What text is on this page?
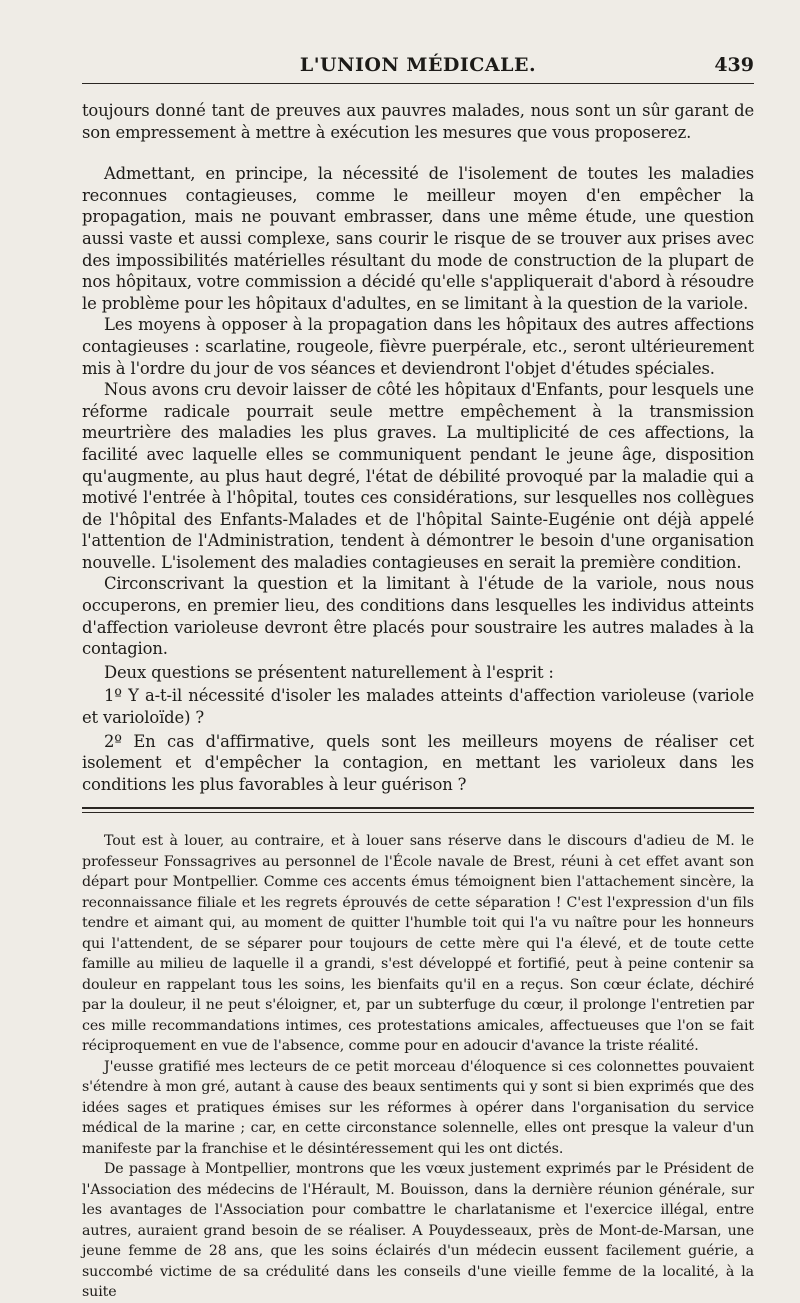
L'UNION MÉDICALE.	439

toujours donné tant de preuves aux pauvres malades, nous sont un sûr garant de son empressement à mettre à exécution les mesures que vous proposerez.

Admettant, en principe, la nécessité de l'isolement de toutes les maladies reconnues contagieuses, comme le meilleur moyen d'en empêcher la propagation, mais ne pouvant embrasser, dans une même étude, une question aussi vaste et aussi complexe, sans courir le risque de se trouver aux prises avec des impossibilités matérielles résultant du mode de construction de la plupart de nos hôpitaux, votre commission a décidé qu'elle s'appliquerait d'abord à résoudre le problème pour les hôpitaux d'adultes, en se limitant à la question de la variole.

Les moyens à opposer à la propagation dans les hôpitaux des autres affections contagieuses : scarlatine, rougeole, fièvre puerpérale, etc., seront ultérieurement mis à l'ordre du jour de vos séances et deviendront l'objet d'études spéciales.

Nous avons cru devoir laisser de côté les hôpitaux d'Enfants, pour lesquels une réforme radicale pourrait seule mettre empêchement à la transmission meurtrière des maladies les plus graves. La multiplicité de ces affections, la facilité avec laquelle elles se communiquent pendant le jeune âge, disposition qu'augmente, au plus haut degré, l'état de débilité provoqué par la maladie qui a motivé l'entrée à l'hôpital, toutes ces considérations, sur lesquelles nos collègues de l'hôpital des Enfants-Malades et de l'hôpital Sainte-Eugénie ont déjà appelé l'attention de l'Administration, tendent à démontrer le besoin d'une organisation nouvelle. L'isolement des maladies contagieuses en serait la première condition.

Circonscrivant la question et la limitant à l'étude de la variole, nous nous occuperons, en premier lieu, des conditions dans lesquelles les individus atteints d'affection varioleuse devront être placés pour soustraire les autres malades à la contagion.

Deux questions se présentent naturellement à l'esprit :

1º Y a-t-il nécessité d'isoler les malades atteints d'affection varioleuse (variole et varioloïde) ?

2º En cas d'affirmative, quels sont les meilleurs moyens de réaliser cet isolement et d'empêcher la contagion, en mettant les varioleux dans les conditions les plus favorables à leur guérison ?

Tout est à louer, au contraire, et à louer sans réserve dans le discours d'adieu de M. le professeur Fonssagrives au personnel de l'École navale de Brest, réuni à cet effet avant son départ pour Montpellier. Comme ces accents émus témoignent bien l'attachement sincère, la reconnaissance filiale et les regrets éprouvés de cette séparation ! C'est l'expression d'un fils tendre et aimant qui, au moment de quitter l'humble toit qui l'a vu naître pour les honneurs qui l'attendent, de se séparer pour toujours de cette mère qui l'a élevé, et de toute cette famille au milieu de laquelle il a grandi, s'est développé et fortifié, peut à peine contenir sa douleur en rappelant tous les soins, les bienfaits qu'il en a reçus. Son cœur éclate, déchiré par la douleur, il ne peut s'éloigner, et, par un subterfuge du cœur, il prolonge l'entretien par ces mille recommandations intimes, ces protestations amicales, affectueuses que l'on se fait réciproquement en vue de l'absence, comme pour en adoucir d'avance la triste réalité.

J'eusse gratifié mes lecteurs de ce petit morceau d'éloquence si ces colonnettes pouvaient s'étendre à mon gré, autant à cause des beaux sentiments qui y sont si bien exprimés que des idées sages et pratiques émises sur les réformes à opérer dans l'organisation du service médical de la marine ; car, en cette circonstance solennelle, elles ont presque la valeur d'un manifeste par la franchise et le désintéressement qui les ont dictés.

De passage à Montpellier, montrons que les vœux justement exprimés par le Président de l'Association des médecins de l'Hérault, M. Bouisson, dans la dernière réunion générale, sur les avantages de l'Association pour combattre le charlatanisme et l'exercice illégal, entre autres, auraient grand besoin de se réaliser. A Pouydesseaux, près de Mont-de-Marsan, une jeune femme de 28 ans, que les soins éclairés d'un médecin eussent facilement guérie, a succombé victime de sa crédulité dans les conseils d'une vieille femme de la localité, à la suite
